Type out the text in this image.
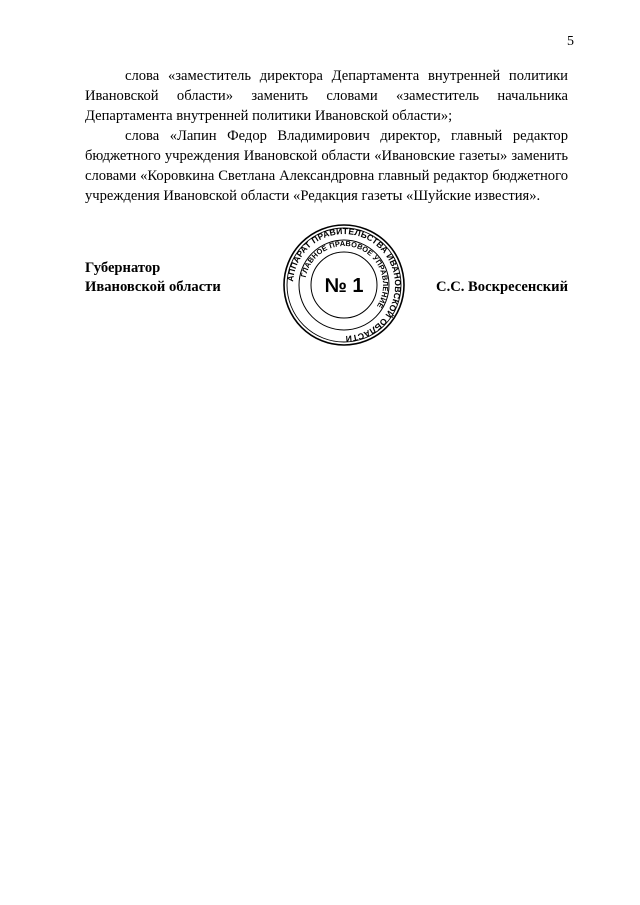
5

слова «заместитель директора Департамента внутренней политики Ивановской области» заменить словами «заместитель начальника Департамента внутренней политики Ивановской области»;

слова «Лапин Федор Владимирович директор, главный редактор бюджетного учреждения Ивановской области «Ивановские газеты» заменить словами «Коровкина Светлана Александровна главный редактор бюджетного учреждения Ивановской области «Редакция газеты «Шуйские известия».

Губернатор
Ивановской области	С.С. Воскресенский
АППАРАТ ПРАВИТЕЛЬСТВА ИВАНОВСКОЙ ОБЛАСТИ
ГЛАВНОЕ ПРАВОВОЕ УПРАВЛЕНИЕ
№ 1
